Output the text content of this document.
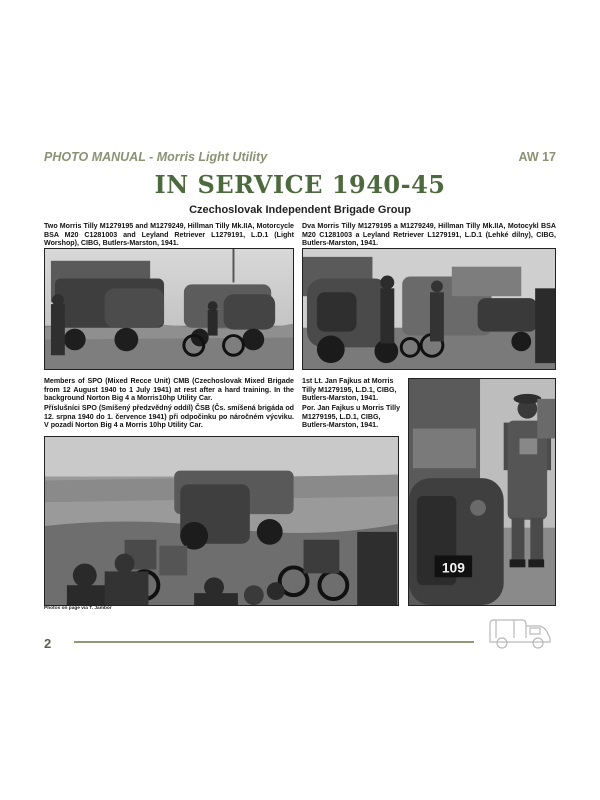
PHOTO MANUAL - Morris Light Utility	AW 17
IN SERVICE 1940-45
Czechoslovak Independent Brigade Group
Two Morris Tilly M1279195 and M1279249, Hillman Tilly Mk.IIA, Motorcycle BSA M20 C1281003 and Leyland Retriever L1279191, L.D.1 (Light Worshop), CIBG, Butlers-Marston, 1941.
Dva Morris Tilly M1279195 a M1279249, Hillman Tilly Mk.IIA, Motocykl BSA M20 C1281003 a Leyland Retriever L1279191, L.D.1 (Lehké dílny), CIBG, Butlers-Marston, 1941.
Members of SPO (Mixed Recce Unit) CMB (Czechoslovak Mixed Brigade from 12 August 1940 to 1 July 1941) at rest after a hard training. In the background Norton Big 4 a Morris10hp Utility Car.
Příslušníci SPO (Smíšený předzvědný oddíl) ČSB (Čs. smíšená brigáda od 12. srpna 1940 do 1. července 1941) při odpočinku po náročném výcviku. V pozadí Norton Big 4 a Morris 10hp Utility Car.
1st Lt. Jan Fajkus at Morris Tilly M1279195, L.D.1, CIBG, Butlers-Marston, 1941.
Por. Jan Fajkus u Morris Tilly M1279195, L.D.1, CIBG, Butlers-Marston, 1941.
109
Photos on page via T. Jambor
2
